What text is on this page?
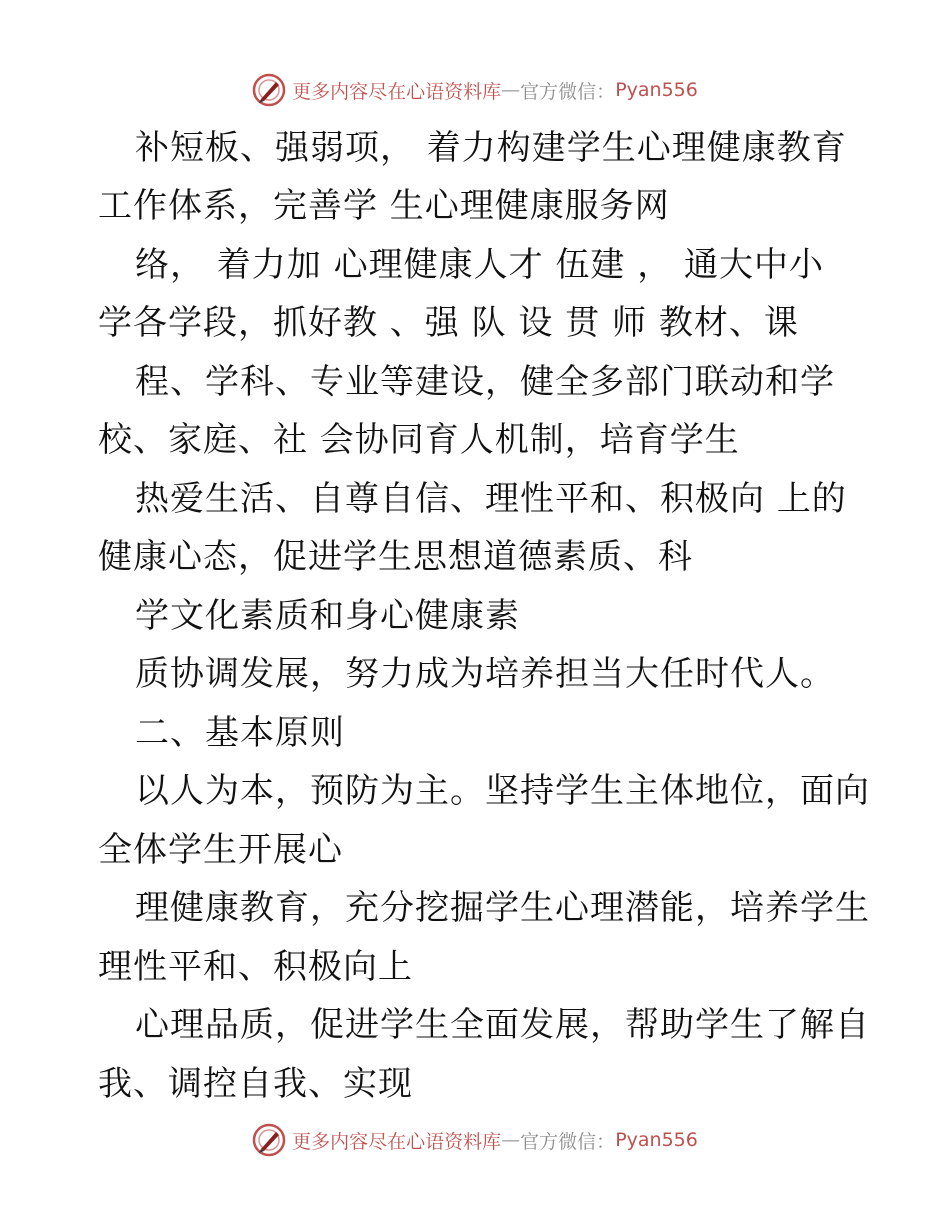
更多内容尽在心语资料库 — 官方微信： Pyan556
补短板、强弱项， 着力构建学生心理健康教育
工作体系，完善学 生心理健康服务网
络， 着力加 心理健康人才 伍建 ， 通大中小
学各学段，抓好教 、强 队 设 贯 师 教材、课
程、学科、专业等建设，健全多部门联动和学
校、家庭、社 会协同育人机制，培育学生
热爱生活、自尊自信、理性平和、积极向 上的
健康心态，促进学生思想道德素质、科
学文化素质和身心健康素
质协调发展，努力成为培养担当大任时代人。
二、基本原则
以人为本，预防为主。坚持学生主体地位，面向
全体学生开展心
理健康教育，充分挖掘学生心理潜能，培养学生
理性平和、积极向上
心理品质，促进学生全面发展，帮助学生了解自
我、调控自我、实现
更多内容尽在心语资料库 — 官方微信： Pyan556
